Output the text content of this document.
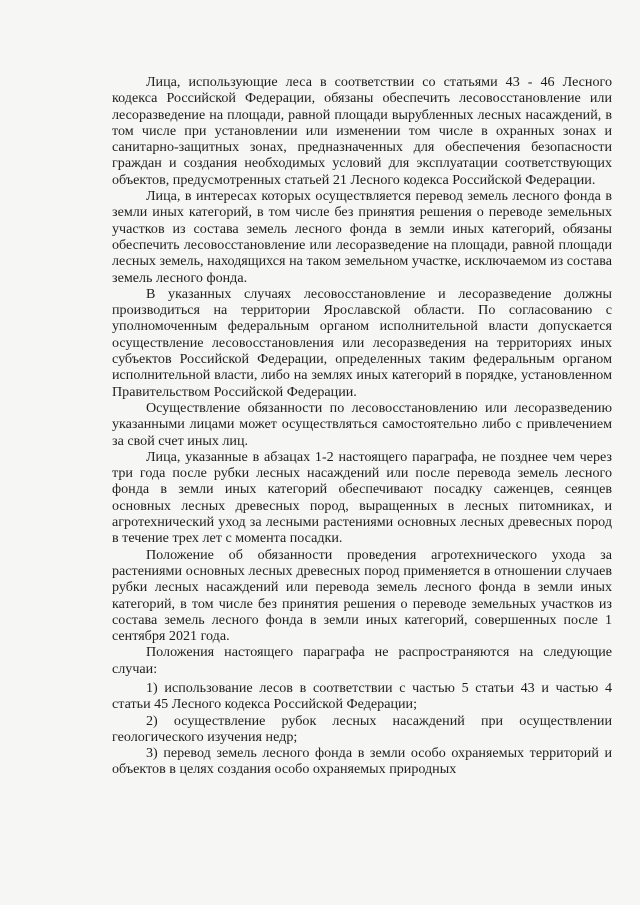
Лица, использующие леса в соответствии со статьями 43 - 46 Лесного кодекса Российской Федерации, обязаны обеспечить лесовосстановление или лесоразведение на площади, равной площади вырубленных лесных насаждений, в том числе при установлении или изменении том числе в охранных зонах и санитарно-защитных зонах, предназначенных для обеспечения безопасности граждан и создания необходимых условий для эксплуатации соответствующих объектов, предусмотренных статьей 21 Лесного кодекса Российской Федерации.

Лица, в интересах которых осуществляется перевод земель лесного фонда в земли иных категорий, в том числе без принятия решения о переводе земельных участков из состава земель лесного фонда в земли иных категорий, обязаны обеспечить лесовосстановление или лесоразведение на площади, равной площади лесных земель, находящихся на таком земельном участке, исключаемом из состава земель лесного фонда.

В указанных случаях лесовосстановление и лесоразведение должны производиться на территории Ярославской области. По согласованию с уполномоченным федеральным органом исполнительной власти допускается осуществление лесовосстановления или лесоразведения на территориях иных субъектов Российской Федерации, определенных таким федеральным органом исполнительной власти, либо на землях иных категорий в порядке, установленном Правительством Российской Федерации.

Осуществление обязанности по лесовосстановлению или лесоразведению указанными лицами может осуществляться самостоятельно либо с привлечением за свой счет иных лиц.

Лица, указанные в абзацах 1-2 настоящего параграфа, не позднее чем через три года после рубки лесных насаждений или после перевода земель лесного фонда в земли иных категорий обеспечивают посадку саженцев, сеянцев основных лесных древесных пород, выращенных в лесных питомниках, и агротехнический уход за лесными растениями основных лесных древесных пород в течение трех лет с момента посадки.

Положение об обязанности проведения агротехнического ухода за растениями основных лесных древесных пород применяется в отношении случаев рубки лесных насаждений или перевода земель лесного фонда в земли иных категорий, в том числе без принятия решения о переводе земельных участков из состава земель лесного фонда в земли иных категорий, совершенных после 1 сентября 2021 года.

Положения настоящего параграфа не распространяются на следующие случаи:

1) использование лесов в соответствии с частью 5 статьи 43 и частью 4 статьи 45 Лесного кодекса Российской Федерации;

2) осуществление рубок лесных насаждений при осуществлении геологического изучения недр;

3) перевод земель лесного фонда в земли особо охраняемых территорий и объектов в целях создания особо охраняемых природных
